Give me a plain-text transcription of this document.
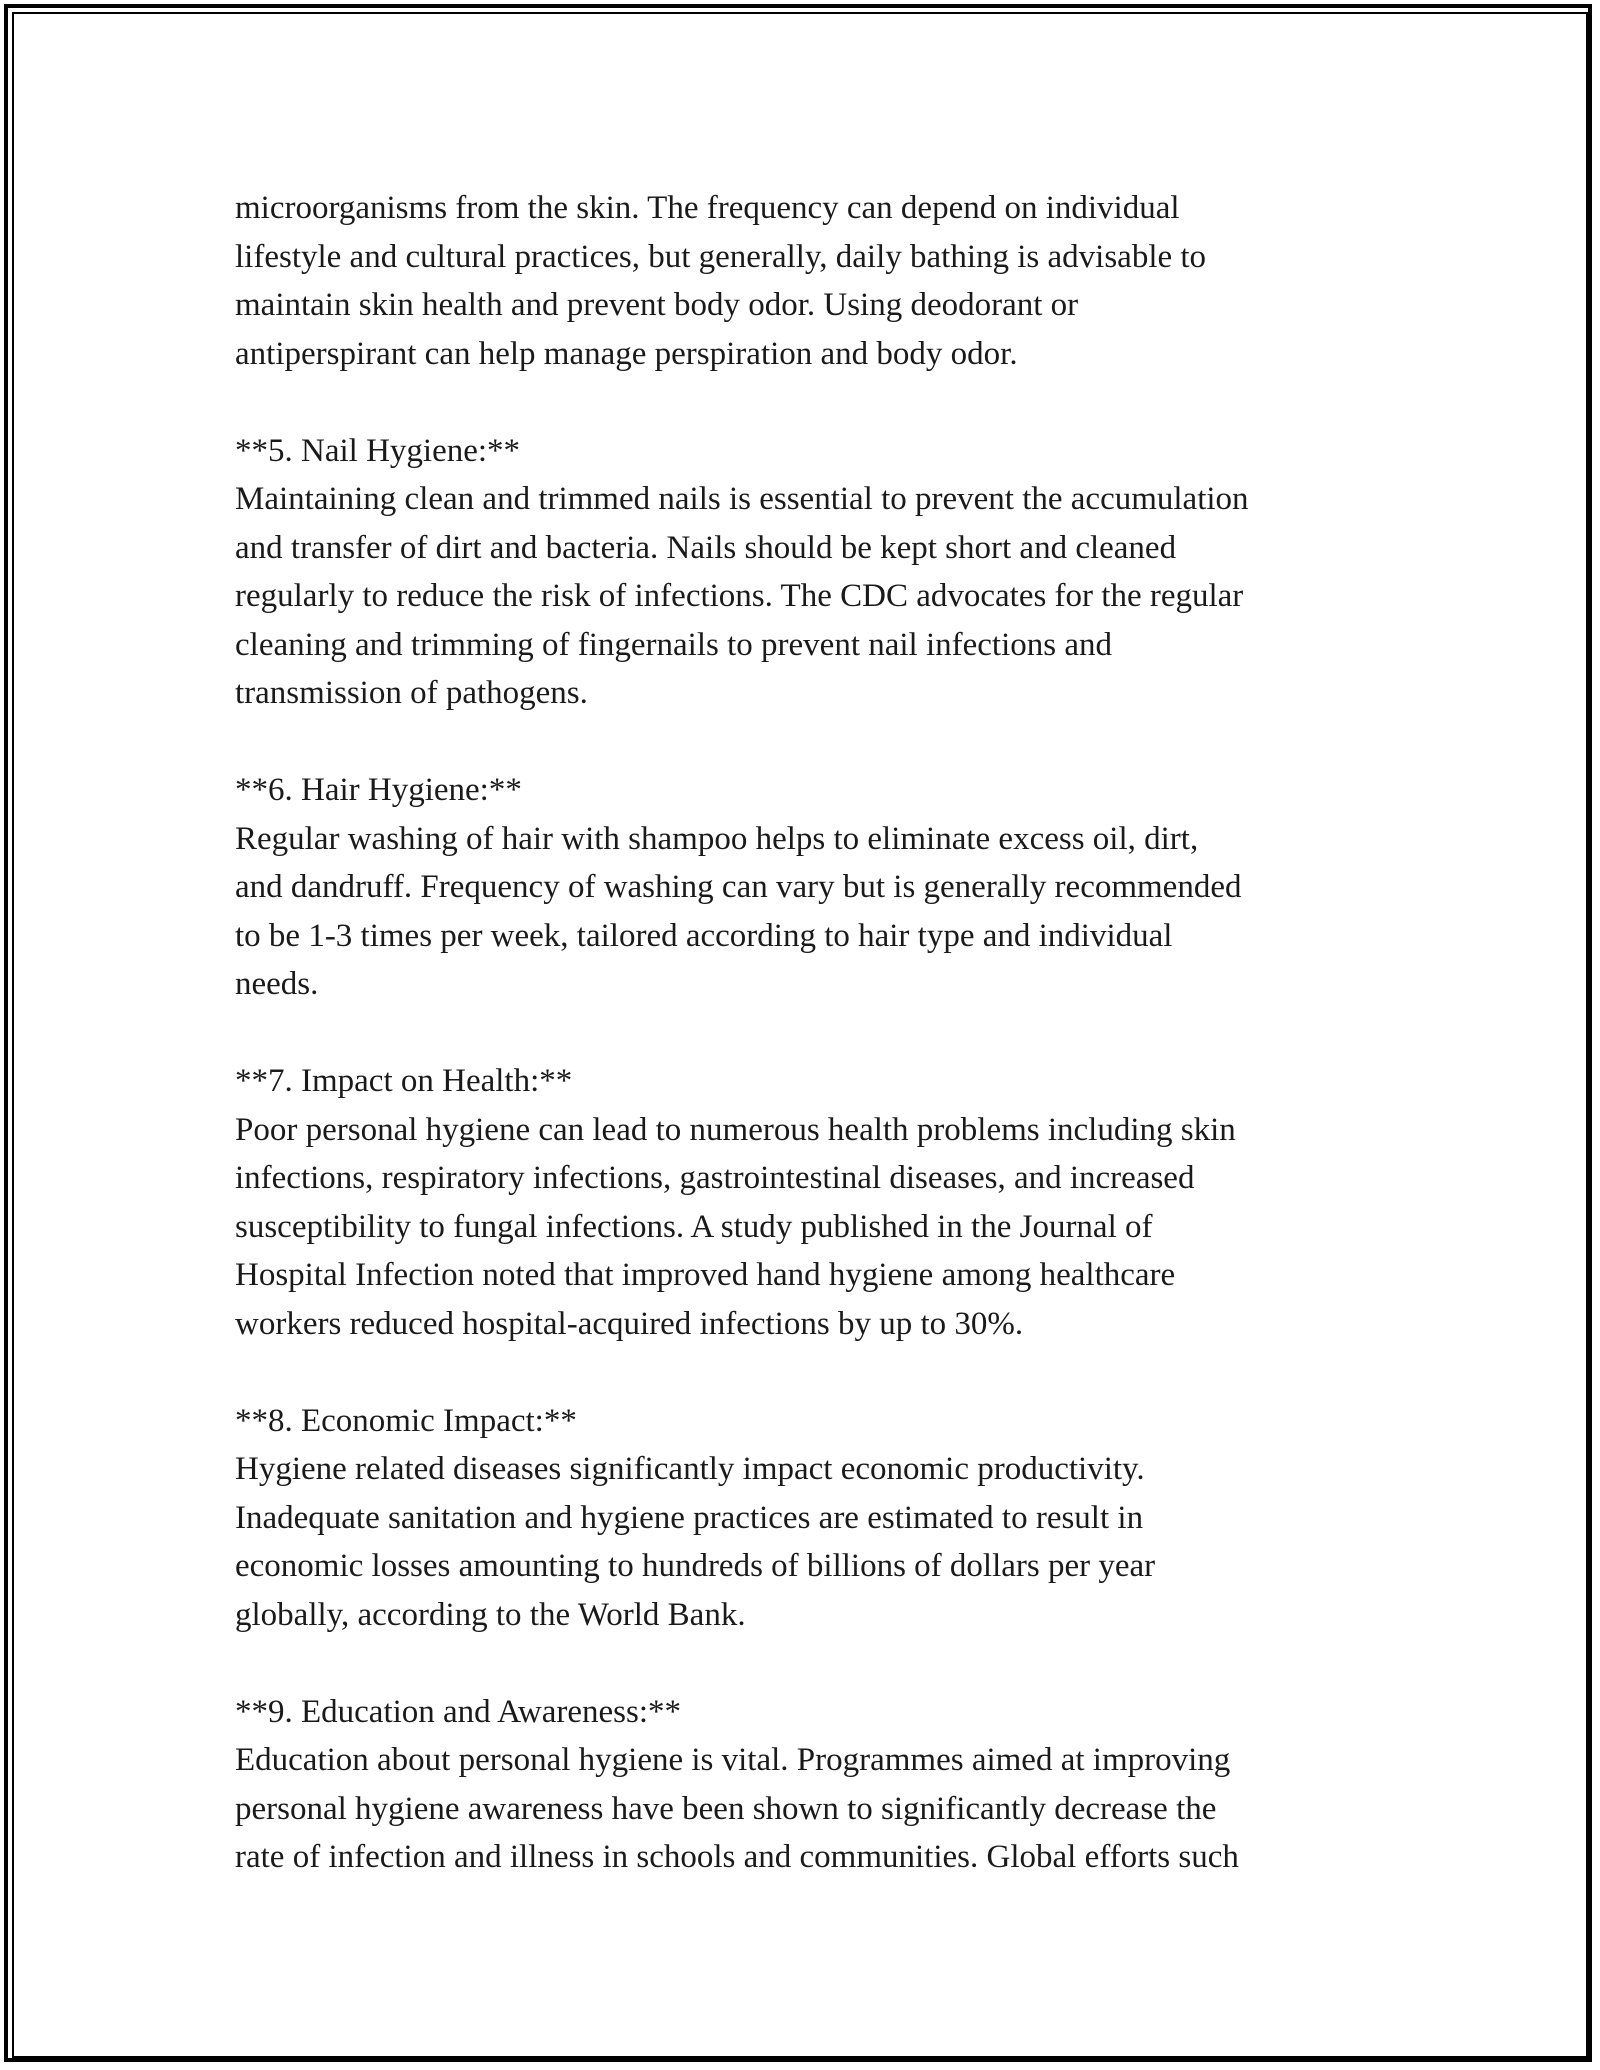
microorganisms from the skin. The frequency can depend on individual
lifestyle and cultural practices, but generally, daily bathing is advisable to
maintain skin health and prevent body odor. Using deodorant or
antiperspirant can help manage perspiration and body odor.
**5. Nail Hygiene:**
Maintaining clean and trimmed nails is essential to prevent the accumulation
and transfer of dirt and bacteria. Nails should be kept short and cleaned
regularly to reduce the risk of infections. The CDC advocates for the regular
cleaning and trimming of fingernails to prevent nail infections and
transmission of pathogens.
**6. Hair Hygiene:**
Regular washing of hair with shampoo helps to eliminate excess oil, dirt,
and dandruff. Frequency of washing can vary but is generally recommended
to be 1-3 times per week, tailored according to hair type and individual
needs.
**7. Impact on Health:**
Poor personal hygiene can lead to numerous health problems including skin
infections, respiratory infections, gastrointestinal diseases, and increased
susceptibility to fungal infections. A study published in the Journal of
Hospital Infection noted that improved hand hygiene among healthcare
workers reduced hospital-acquired infections by up to 30%.
**8. Economic Impact:**
Hygiene related diseases significantly impact economic productivity.
Inadequate sanitation and hygiene practices are estimated to result in
economic losses amounting to hundreds of billions of dollars per year
globally, according to the World Bank.
**9. Education and Awareness:**
Education about personal hygiene is vital. Programmes aimed at improving
personal hygiene awareness have been shown to significantly decrease the
rate of infection and illness in schools and communities. Global efforts such
